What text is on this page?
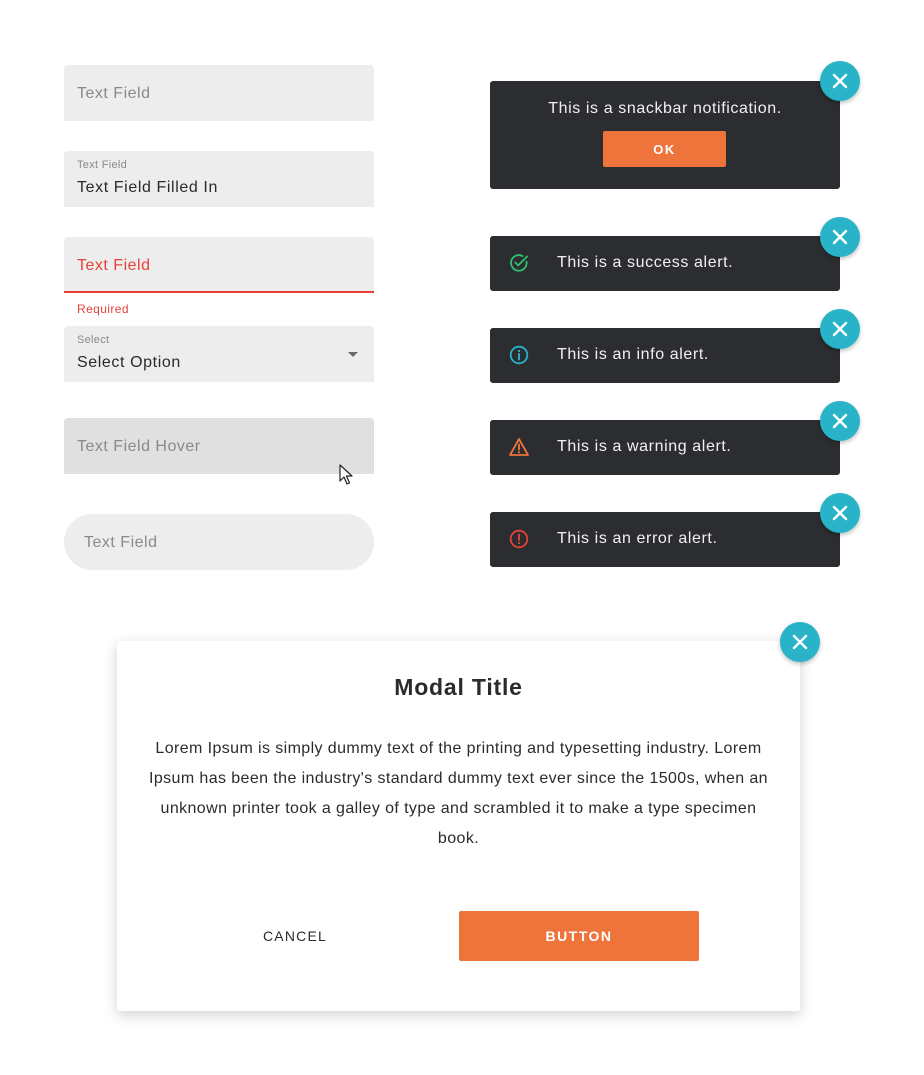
Text Field
Text Field
Text Field Filled In
Text Field
Required
Select
Select Option
Text Field Hover
Text Field
This is a snackbar notification.
OK
This is a success alert.
This is an info alert.
This is a warning alert.
This is an error alert.
Modal Title
Lorem Ipsum is simply dummy text of the printing and typesetting industry. Lorem Ipsum has been the industry's standard dummy text ever since the 1500s, when an unknown printer took a galley of type and scrambled it to make a type specimen book.
CANCEL	BUTTON
